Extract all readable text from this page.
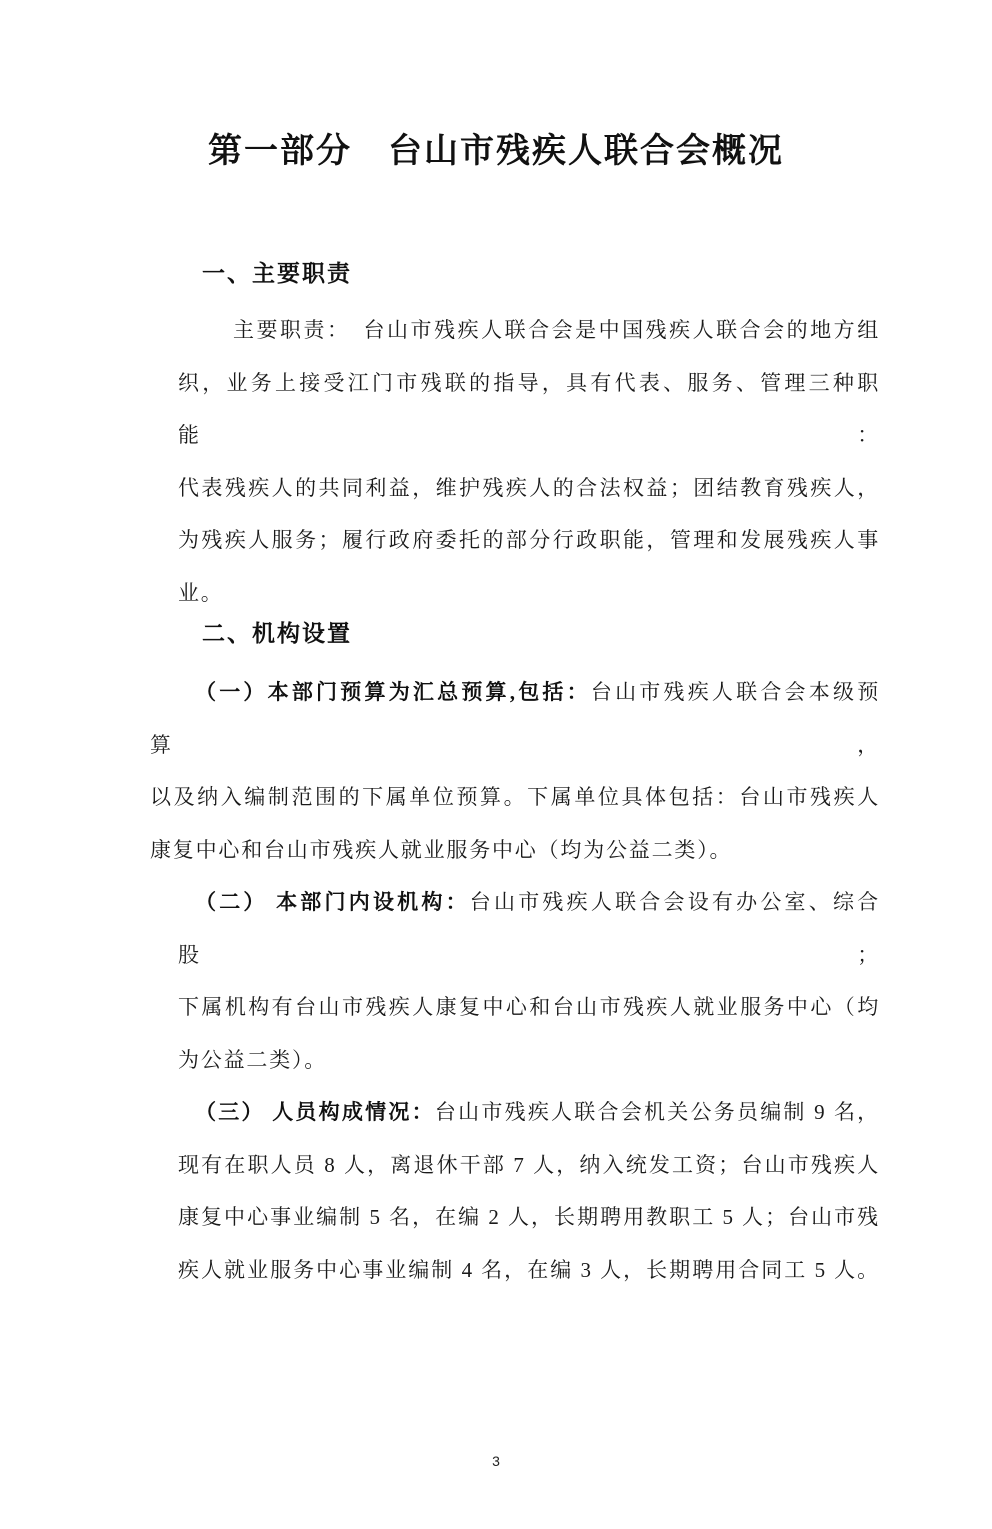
第一部分　台山市残疾人联合会概况
一、主要职责
主要职责：　台山市残疾人联合会是中国残疾人联合会的地方组
织，业务上接受江门市残联的指导，具有代表、服务、管理三种职能：
代表残疾人的共同利益，维护残疾人的合法权益；团结教育残疾人，
为残疾人服务；履行政府委托的部分行政职能，管理和发展残疾人事
业。
二、机构设置
（一）本部门预算为汇总预算,包括：台山市残疾人联合会本级预算，
以及纳入编制范围的下属单位预算。下属单位具体包括：台山市残疾人
康复中心和台山市残疾人就业服务中心（均为公益二类）。
（二） 本部门内设机构：台山市残疾人联合会设有办公室、综合股；
下属机构有台山市残疾人康复中心和台山市残疾人就业服务中心（均
为公益二类）。
（三） 人员构成情况：台山市残疾人联合会机关公务员编制 9 名，
现有在职人员 8 人，离退休干部 7 人，纳入统发工资；台山市残疾人
康复中心事业编制 5 名，在编 2 人，长期聘用教职工 5 人；台山市残
疾人就业服务中心事业编制 4 名，在编 3 人，长期聘用合同工 5 人。
3
